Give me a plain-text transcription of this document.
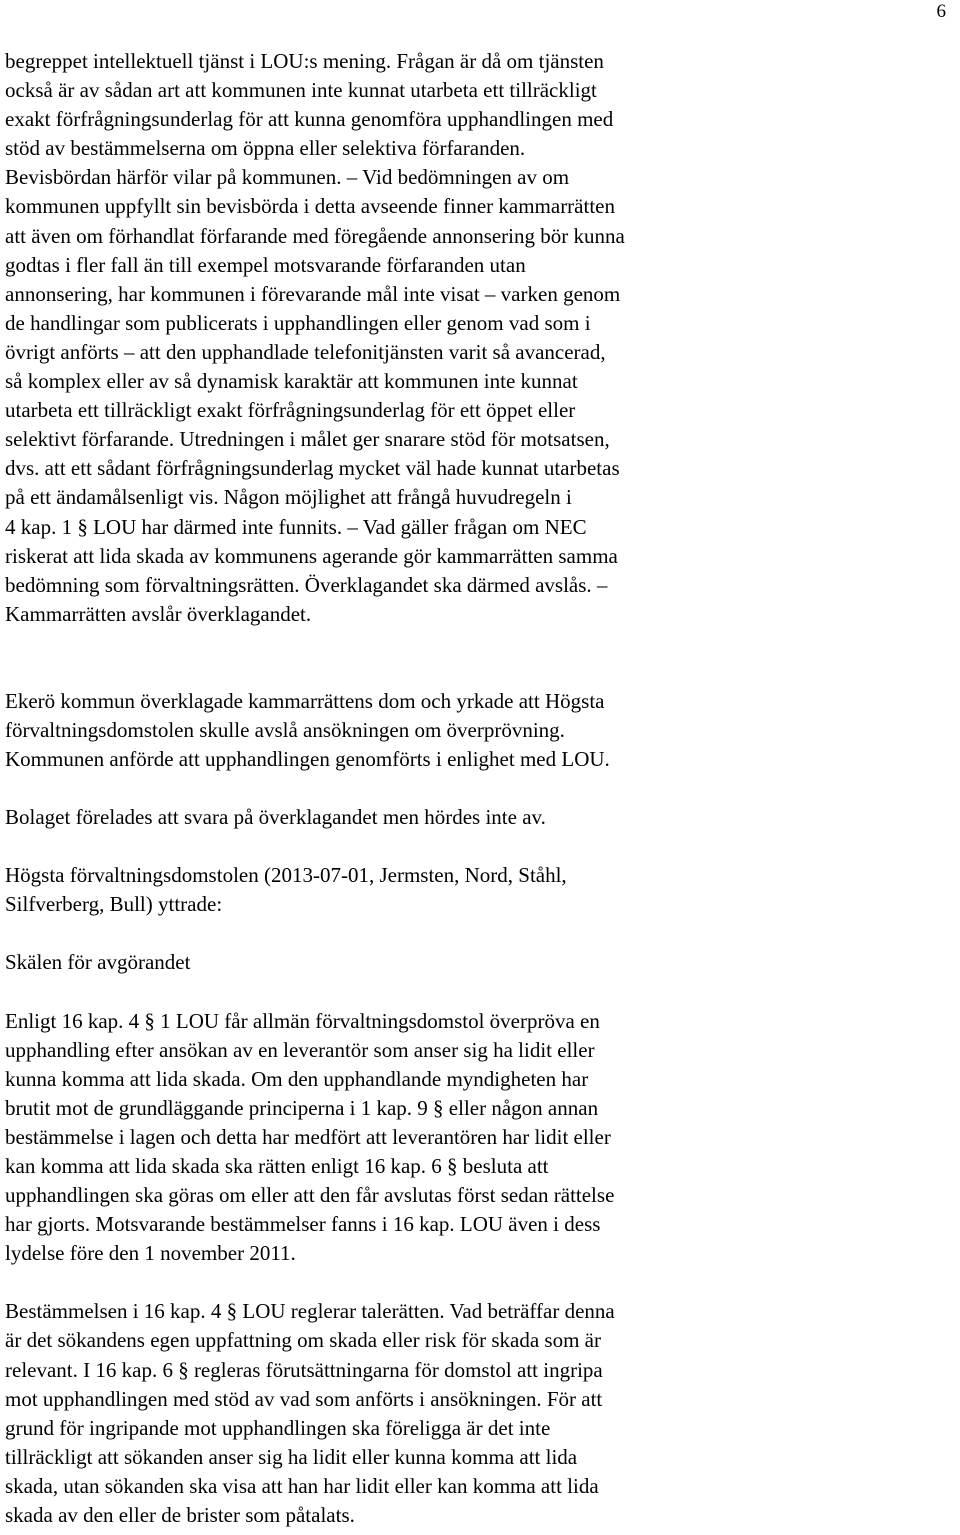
6

begreppet intellektuell tjänst i LOU:s mening. Frågan är då om tjänsten
också är av sådan art att kommunen inte kunnat utarbeta ett tillräckligt
exakt förfrågningsunderlag för att kunna genomföra upphandlingen med
stöd av bestämmelserna om öppna eller selektiva förfaranden.
Bevisbördan härför vilar på kommunen. – Vid bedömningen av om
kommunen uppfyllt sin bevisbörda i detta avseende finner kammarrätten
att även om förhandlat förfarande med föregående annonsering bör kunna
godtas i fler fall än till exempel motsvarande förfaranden utan
annonsering, har kommunen i förevarande mål inte visat – varken genom
de handlingar som publicerats i upphandlingen eller genom vad som i
övrigt anförts – att den upphandlade telefonitjänsten varit så avancerad,
så komplex eller av så dynamisk karaktär att kommunen inte kunnat
utarbeta ett tillräckligt exakt förfrågningsunderlag för ett öppet eller
selektivt förfarande. Utredningen i målet ger snarare stöd för motsatsen,
dvs. att ett sådant förfrågningsunderlag mycket väl hade kunnat utarbetas
på ett ändamålsenligt vis. Någon möjlighet att frångå huvudregeln i
4 kap. 1 § LOU har därmed inte funnits. – Vad gäller frågan om NEC
riskerat att lida skada av kommunens agerande gör kammarrätten samma
bedömning som förvaltningsrätten. Överklagandet ska därmed avslås. –
Kammarrätten avslår överklagandet.

Ekerö kommun överklagade kammarrättens dom och yrkade att Högsta
förvaltningsdomstolen skulle avslå ansökningen om överprövning.
Kommunen anförde att upphandlingen genomförts i enlighet med LOU.

Bolaget förelades att svara på överklagandet men hördes inte av.

Högsta förvaltningsdomstolen (2013-07-01, Jermsten, Nord, Ståhl,
Silfverberg, Bull) yttrade:

Skälen för avgörandet

Enligt 16 kap. 4 § 1 LOU får allmän förvaltningsdomstol överpröva en
upphandling efter ansökan av en leverantör som anser sig ha lidit eller
kunna komma att lida skada. Om den upphandlande myndigheten har
brutit mot de grundläggande principerna i 1 kap. 9 § eller någon annan
bestämmelse i lagen och detta har medfört att leverantören har lidit eller
kan komma att lida skada ska rätten enligt 16 kap. 6 § besluta att
upphandlingen ska göras om eller att den får avslutas först sedan rättelse
har gjorts. Motsvarande bestämmelser fanns i 16 kap. LOU även i dess
lydelse före den 1 november 2011.

Bestämmelsen i 16 kap. 4 § LOU reglerar talerätten. Vad beträffar denna
är det sökandens egen uppfattning om skada eller risk för skada som är
relevant. I 16 kap. 6 § regleras förutsättningarna för domstol att ingripa
mot upphandlingen med stöd av vad som anförts i ansökningen. För att
grund för ingripande mot upphandlingen ska föreligga är det inte
tillräckligt att sökanden anser sig ha lidit eller kunna komma att lida
skada, utan sökanden ska visa att han har lidit eller kan komma att lida
skada av den eller de brister som påtalats.
